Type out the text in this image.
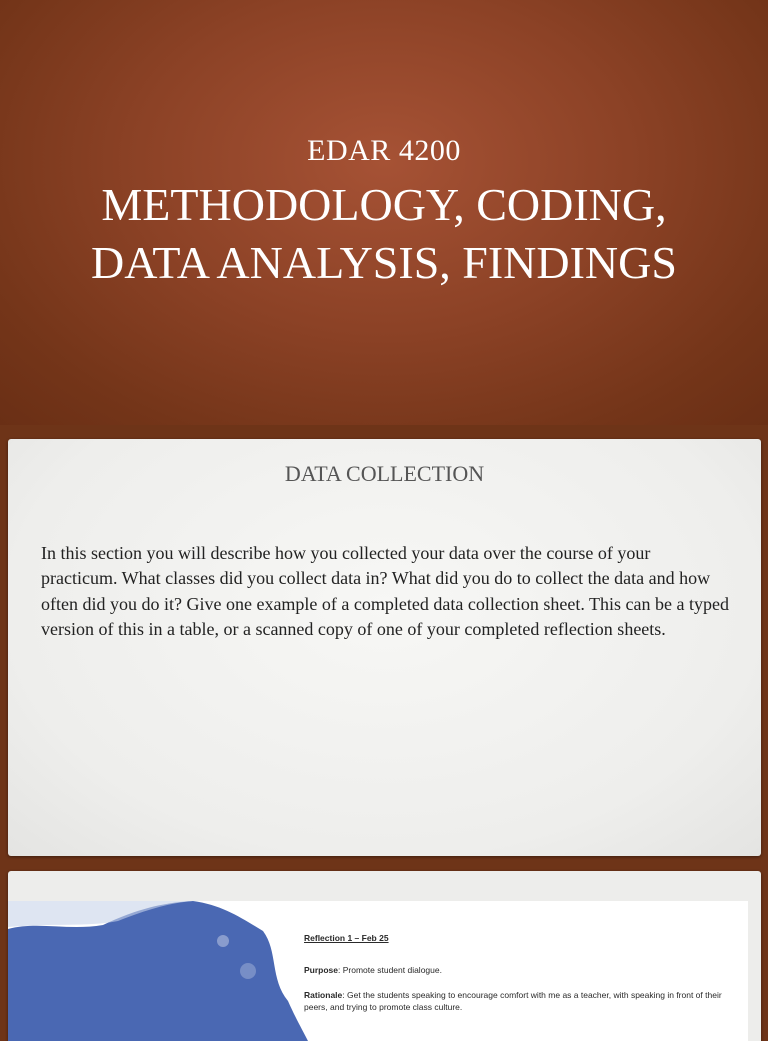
EDAR 4200
METHODOLOGY, CODING,
DATA ANALYSIS, FINDINGS
DATA COLLECTION
In this section you will describe how you collected your data over the course of your practicum. What classes did you collect data in? What did you do to collect the data and how often did you do it? Give one example of a completed data collection sheet. This can be a typed version of this in a table, or a scanned copy of one of your completed reflection sheets.
Reflection 1 – Feb 25
Purpose: Promote student dialogue.
Rationale: Get the students speaking to encourage comfort with me as a teacher, with speaking in front of their peers, and trying to promote class culture.
